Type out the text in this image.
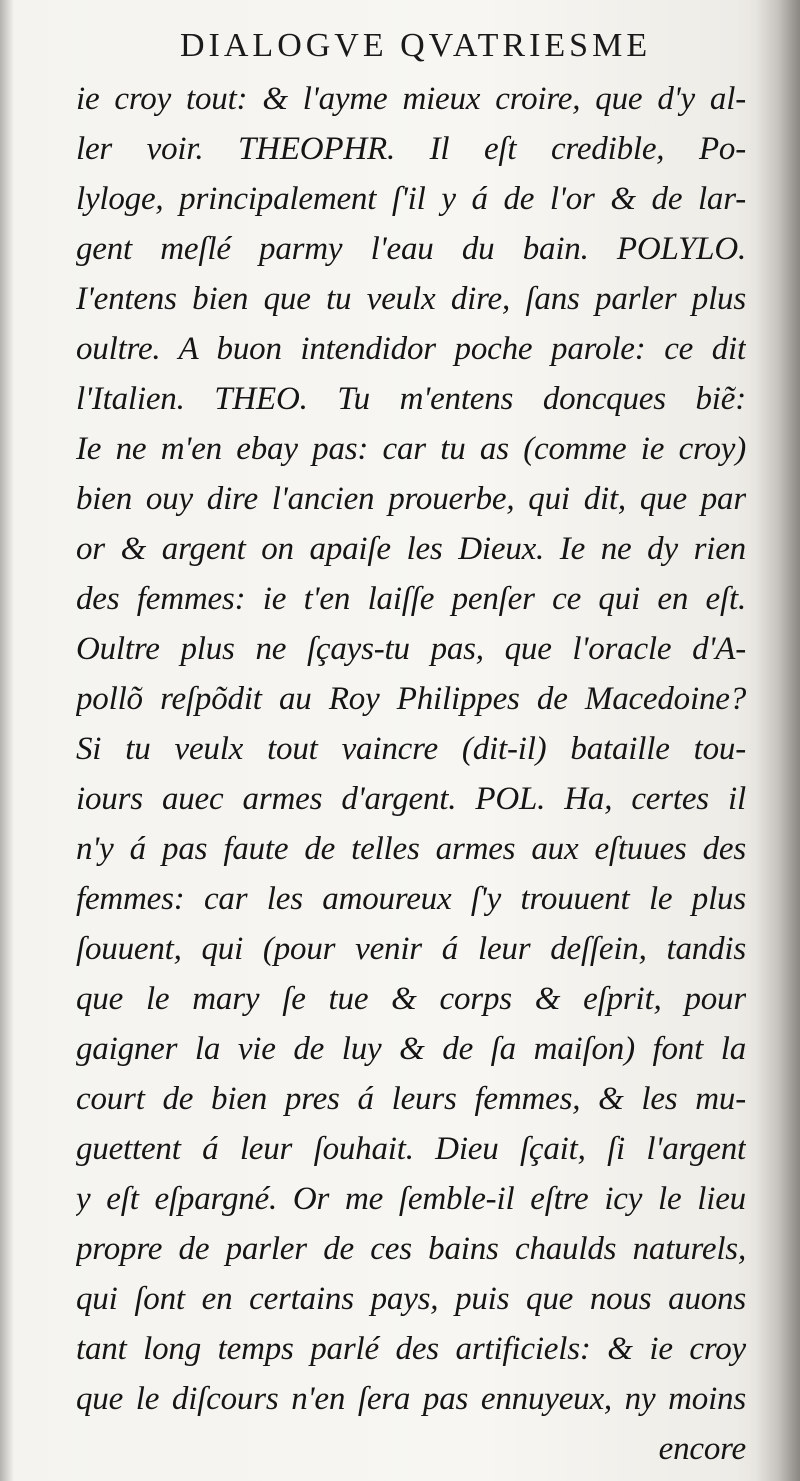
DIALOGVE QVATRIESME
ie croy tout: & l'ayme mieux croire, que d'y al-
ler voir. THEOPHR. Il eſt credible, Po-
lyloge, principalement ſ'il y á de l'or & de lar-
gent meſlé parmy l'eau du bain. POLYLO.
I'entens bien que tu veulx dire, ſans parler plus
oultre. A buon intendidor poche parole: ce dit
l'Italien. THEO. Tu m'entens doncques biẽ:
Ie ne m'en ebay pas: car tu as (comme ie croy)
bien ouy dire l'ancien prouerbe, qui dit, que par
or & argent on apaiſe les Dieux. Ie ne dy rien
des femmes: ie t'en laiſſe penſer ce qui en eſt.
Oultre plus ne ſçays-tu pas, que l'oracle d'A-
pollõ reſpõdit au Roy Philippes de Macedoine?
Si tu veulx tout vaincre (dit-il) bataille tou-
iours auec armes d'argent. POL. Ha, certes il
n'y á pas faute de telles armes aux eſtuues des
femmes: car les amoureux ſ'y trouuent le plus
ſouuent, qui (pour venir á leur deſſein, tandis
que le mary ſe tue & corps & eſprit, pour
gaigner la vie de luy & de ſa maiſon) font la
court de bien pres á leurs femmes, & les mu-
guettent á leur ſouhait. Dieu ſçait, ſi l'argent
y eſt eſpargné. Or me ſemble-il eſtre icy le lieu
propre de parler de ces bains chaulds naturels,
qui ſont en certains pays, puis que nous auons
tant long temps parlé des artificiels: & ie croy
que le diſcours n'en ſera pas ennuyeux, ny moins
encore
